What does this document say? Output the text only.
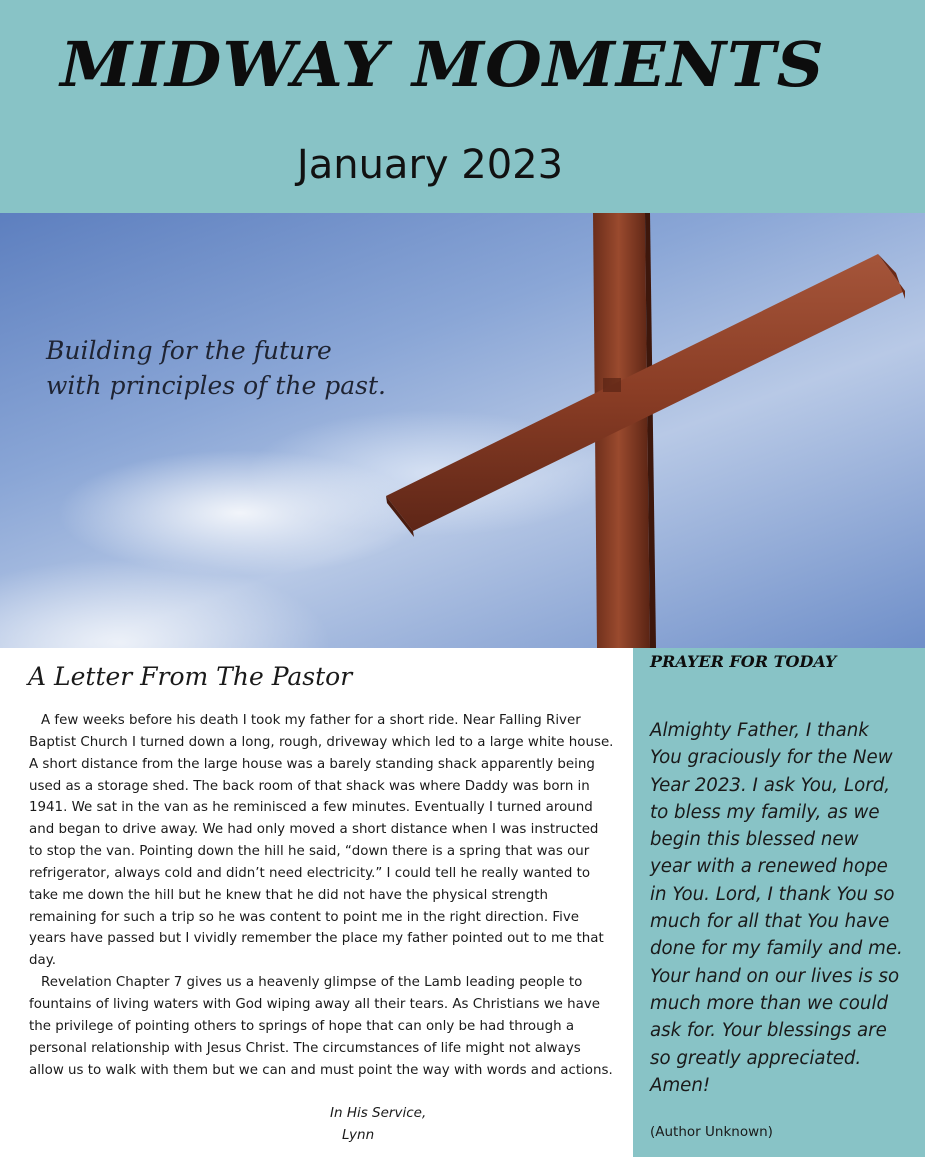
MIDWAY MOMENTS
January 2023

Building for the future
with principles of the past.

A Letter From The Pastor

A few weeks before his death I took my father for a short ride. Near Falling River Baptist Church I turned down a long, rough, driveway which led to a large white house. A short distance from the large house was a barely standing shack apparently being used as a storage shed. The back room of that shack was where Daddy was born in 1941. We sat in the van as he reminisced a few minutes. Eventually I turned around and began to drive away. We had only moved a short distance when I was instructed to stop the van. Pointing down the hill he said, “down there is a spring that was our refrigerator, always cold and didn’t need electricity.” I could tell he really wanted to take me down the hill but he knew that he did not have the physical strength remaining for such a trip so he was content to point me in the right direction. Five years have passed but I vividly remember the place my father pointed out to me that day.

Revelation Chapter 7 gives us a heavenly glimpse of the Lamb leading people to fountains of living waters with God wiping away all their tears. As Christians we have the privilege of pointing others to springs of hope that can only be had through a personal relationship with Jesus Christ. The circumstances of life might not always allow us to walk with them but we can and must point the way with words and actions.

In His Service,
Lynn
PRAYER FOR TODAY

Almighty Father, I thank
You graciously for the New
Year 2023. I ask You, Lord,
to bless my family, as we
begin this blessed new
year with a renewed hope
in You. Lord, I thank You so
much for all that You have
done for my family and me.
Your hand on our lives is so
much more than we could
ask for. Your blessings are
so greatly appreciated.
Amen!

(Author Unknown)
